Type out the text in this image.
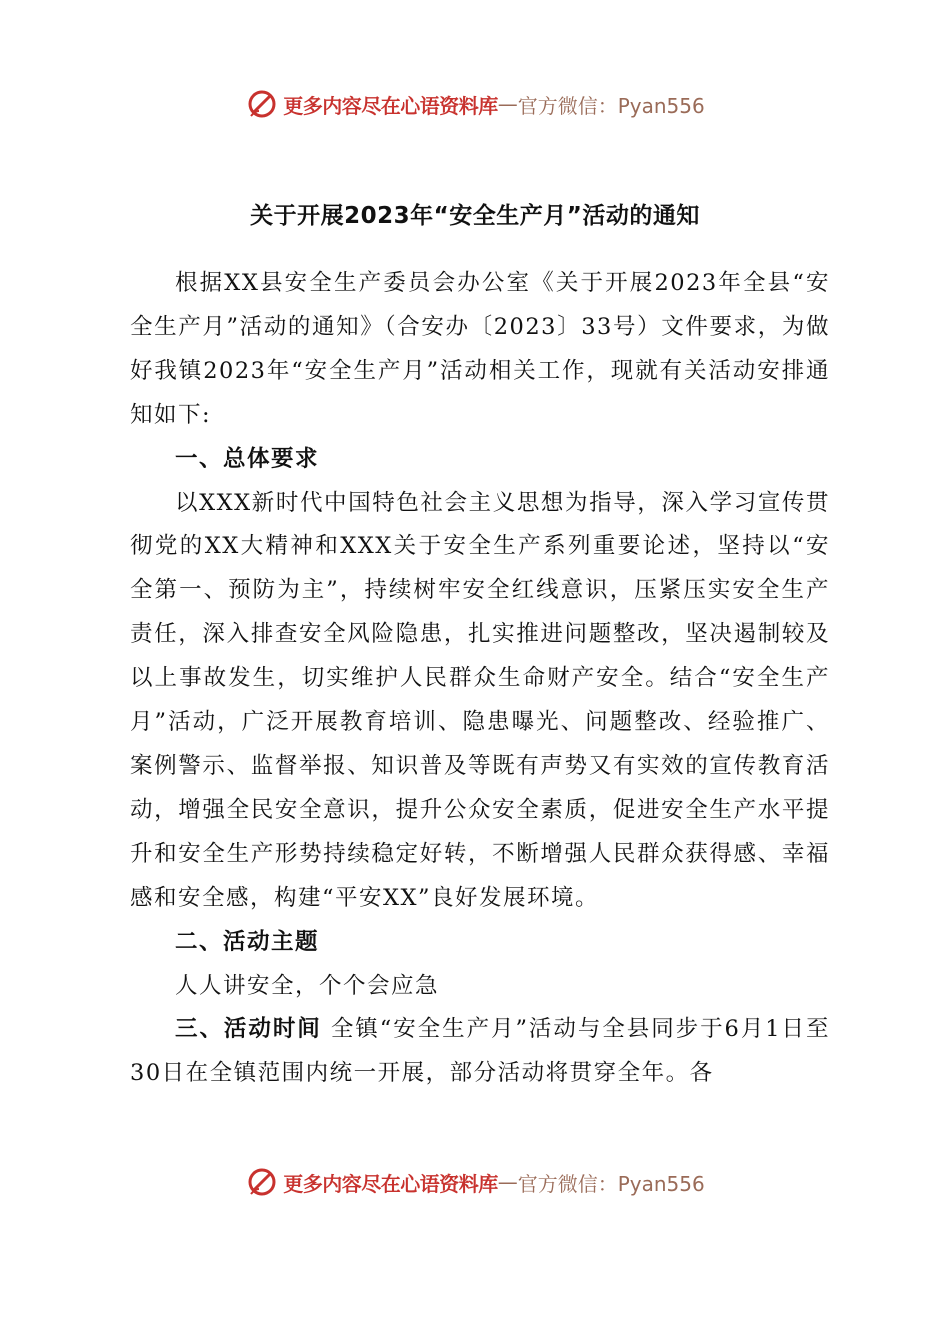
更多内容尽在心语资料库 — 官方微信：Pyan556
关于开展2023年“安全生产月”活动的通知

根据XX县安全生产委员会办公室《关于开展2023年全县“安全生产月”活动的通知》（合安办〔2023〕33号）文件要求，为做好我镇2023年“安全生产月”活动相关工作，现就有关活动安排通知如下:

一、总体要求

以XXX新时代中国特色社会主义思想为指导，深入学习宣传贯彻党的XX大精神和XXX关于安全生产系列重要论述，坚持以“安全第一、预防为主”，持续树牢安全红线意识，压紧压实安全生产责任，深入排查安全风险隐患，扎实推进问题整改，坚决遏制较及以上事故发生，切实维护人民群众生命财产安全。结合“安全生产月”活动，广泛开展教育培训、隐患曝光、问题整改、经验推广、案例警示、监督举报、知识普及等既有声势又有实效的宣传教育活动，增强全民安全意识，提升公众安全素质，促进安全生产水平提升和安全生产形势持续稳定好转，不断增强人民群众获得感、幸福感和安全感，构建“平安XX”良好发展环境。

二、活动主题

人人讲安全，个个会应急

三、活动时间 全镇“安全生产月”活动与全县同步于6月1日至30日在全镇范围内统一开展，部分活动将贯穿全年。各

更多内容尽在心语资料库 — 官方微信：Pyan556
